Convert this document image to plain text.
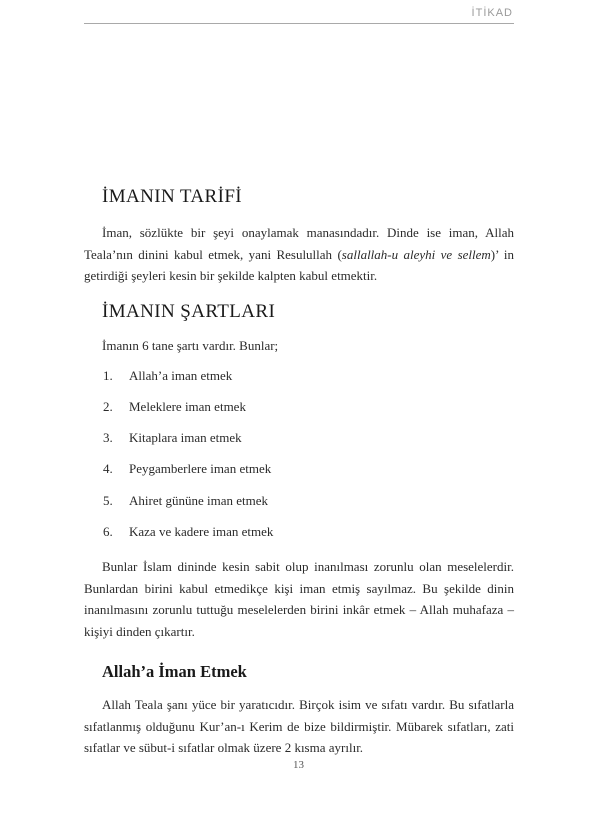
İTİKAD
İMANIN TARİFİ

İman, sözlükte bir şeyi onaylamak manasındadır. Dinde ise iman, Allah Teala’nın dinini kabul etmek, yani Resulullah (sallallah-u aleyhi ve sellem)’ in getirdiği şeyleri kesin bir şekilde kalpten kabul etmektir.

İMANIN ŞARTLARI

İmanın 6 tane şartı vardır. Bunlar;

1. Allah’a iman etmek
2. Meleklere iman etmek
3. Kitaplara iman etmek
4. Peygamberlere iman etmek
5. Ahiret gününe iman etmek
6. Kaza ve kadere iman etmek

Bunlar İslam dininde kesin sabit olup inanılması zorunlu olan meselelerdir. Bunlardan birini kabul etmedikçe kişi iman etmiş sayılmaz. Bu şekilde dinin inanılmasını zorunlu tuttuğu meselelerden birini inkâr etmek – Allah muhafaza – kişiyi dinden çıkartır.

Allah’a İman Etmek

Allah Teala şanı yüce bir yaratıcıdır. Birçok isim ve sıfatı vardır. Bu sıfatlarla sıfatlanmış olduğunu Kur’an-ı Kerim de bize bildirmiştir. Mübarek sıfatları, zati sıfatlar ve sübut-i sıfatlar olmak üzere 2 kısma ayrılır.

13
